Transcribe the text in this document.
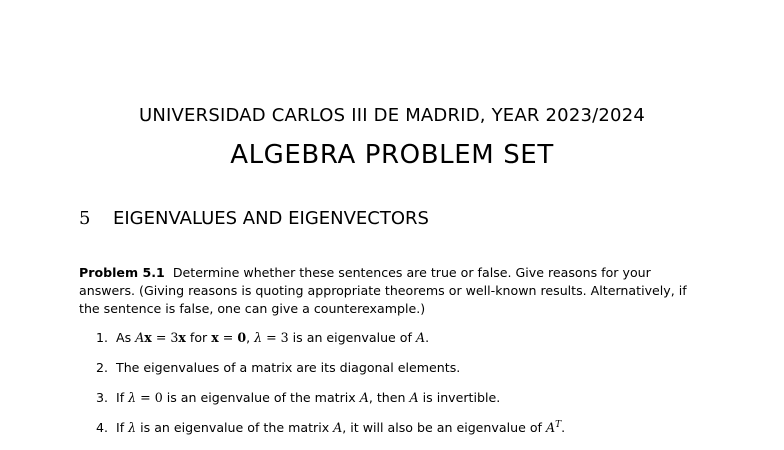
UNIVERSIDAD CARLOS III DE MADRID, YEAR 2023/2024
ALGEBRA PROBLEM SET
5	EIGENVALUES AND EIGENVECTORS
Problem 5.1 Determine whether these sentences are true or false. Give reasons for your answers. (Giving reasons is quoting appropriate theorems or well-known results. Alternatively, if the sentence is false, one can give a counterexample.)
1. As Ax = 3x for x = 0, λ = 3 is an eigenvalue of A.
2. The eigenvalues of a matrix are its diagonal elements.
3. If λ = 0 is an eigenvalue of the matrix A, then A is invertible.
4. If λ is an eigenvalue of the matrix A, it will also be an eigenvalue of $A^T$.
